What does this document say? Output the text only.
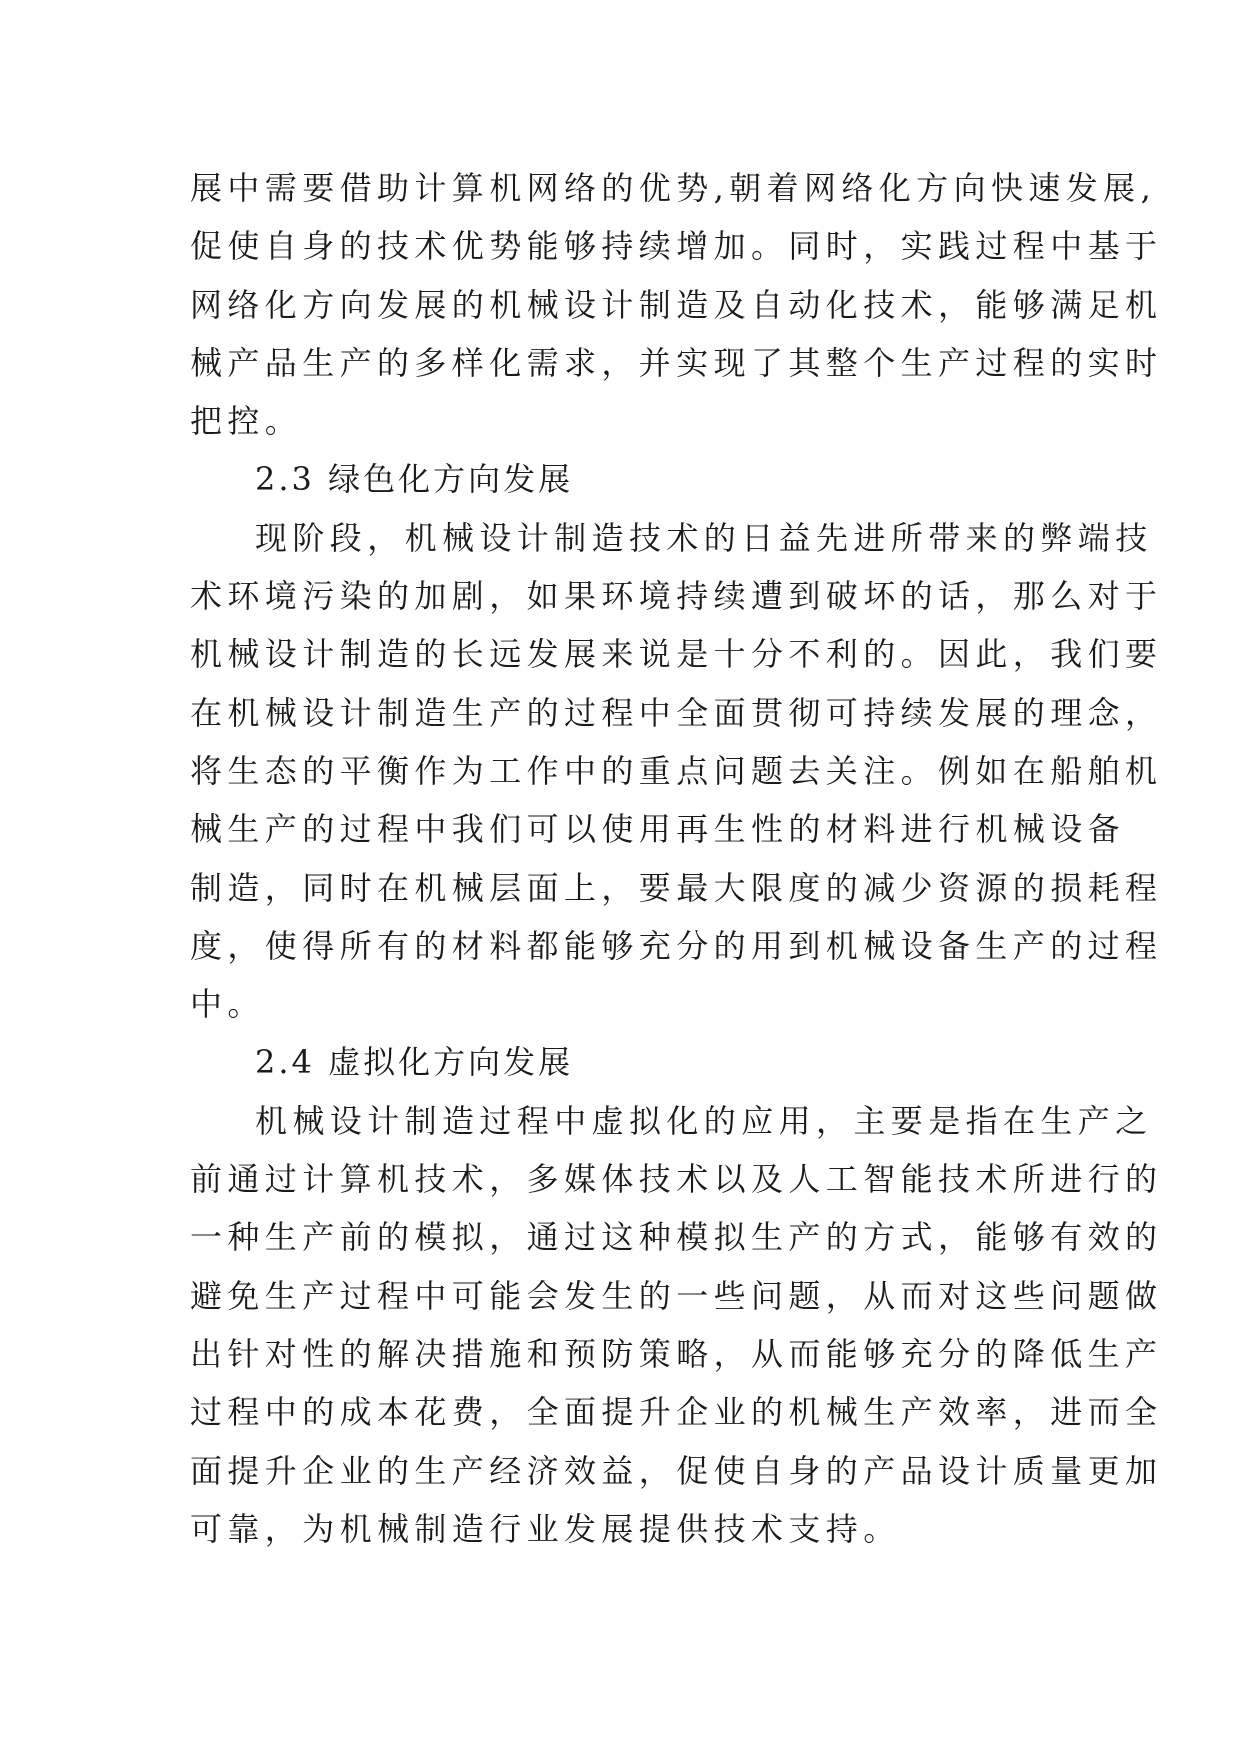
展中需要借助计算机网络的优势,朝着网络化方向快速发展,
促使自身的技术优势能够持续增加。同时，实践过程中基于
网络化方向发展的机械设计制造及自动化技术，能够满足机
械产品生产的多样化需求，并实现了其整个生产过程的实时
把控。
2.3 绿色化方向发展
现阶段，机械设计制造技术的日益先进所带来的弊端技
术环境污染的加剧，如果环境持续遭到破坏的话，那么对于
机械设计制造的长远发展来说是十分不利的。因此，我们要
在机械设计制造生产的过程中全面贯彻可持续发展的理念，
将生态的平衡作为工作中的重点问题去关注。例如在船舶机
械生产的过程中我们可以使用再生性的材料进行机械设备
制造，同时在机械层面上，要最大限度的减少资源的损耗程
度，使得所有的材料都能够充分的用到机械设备生产的过程
中。
2.4 虚拟化方向发展
机械设计制造过程中虚拟化的应用，主要是指在生产之
前通过计算机技术，多媒体技术以及人工智能技术所进行的
一种生产前的模拟，通过这种模拟生产的方式，能够有效的
避免生产过程中可能会发生的一些问题，从而对这些问题做
出针对性的解决措施和预防策略，从而能够充分的降低生产
过程中的成本花费，全面提升企业的机械生产效率，进而全
面提升企业的生产经济效益，促使自身的产品设计质量更加
可靠，为机械制造行业发展提供技术支持。
